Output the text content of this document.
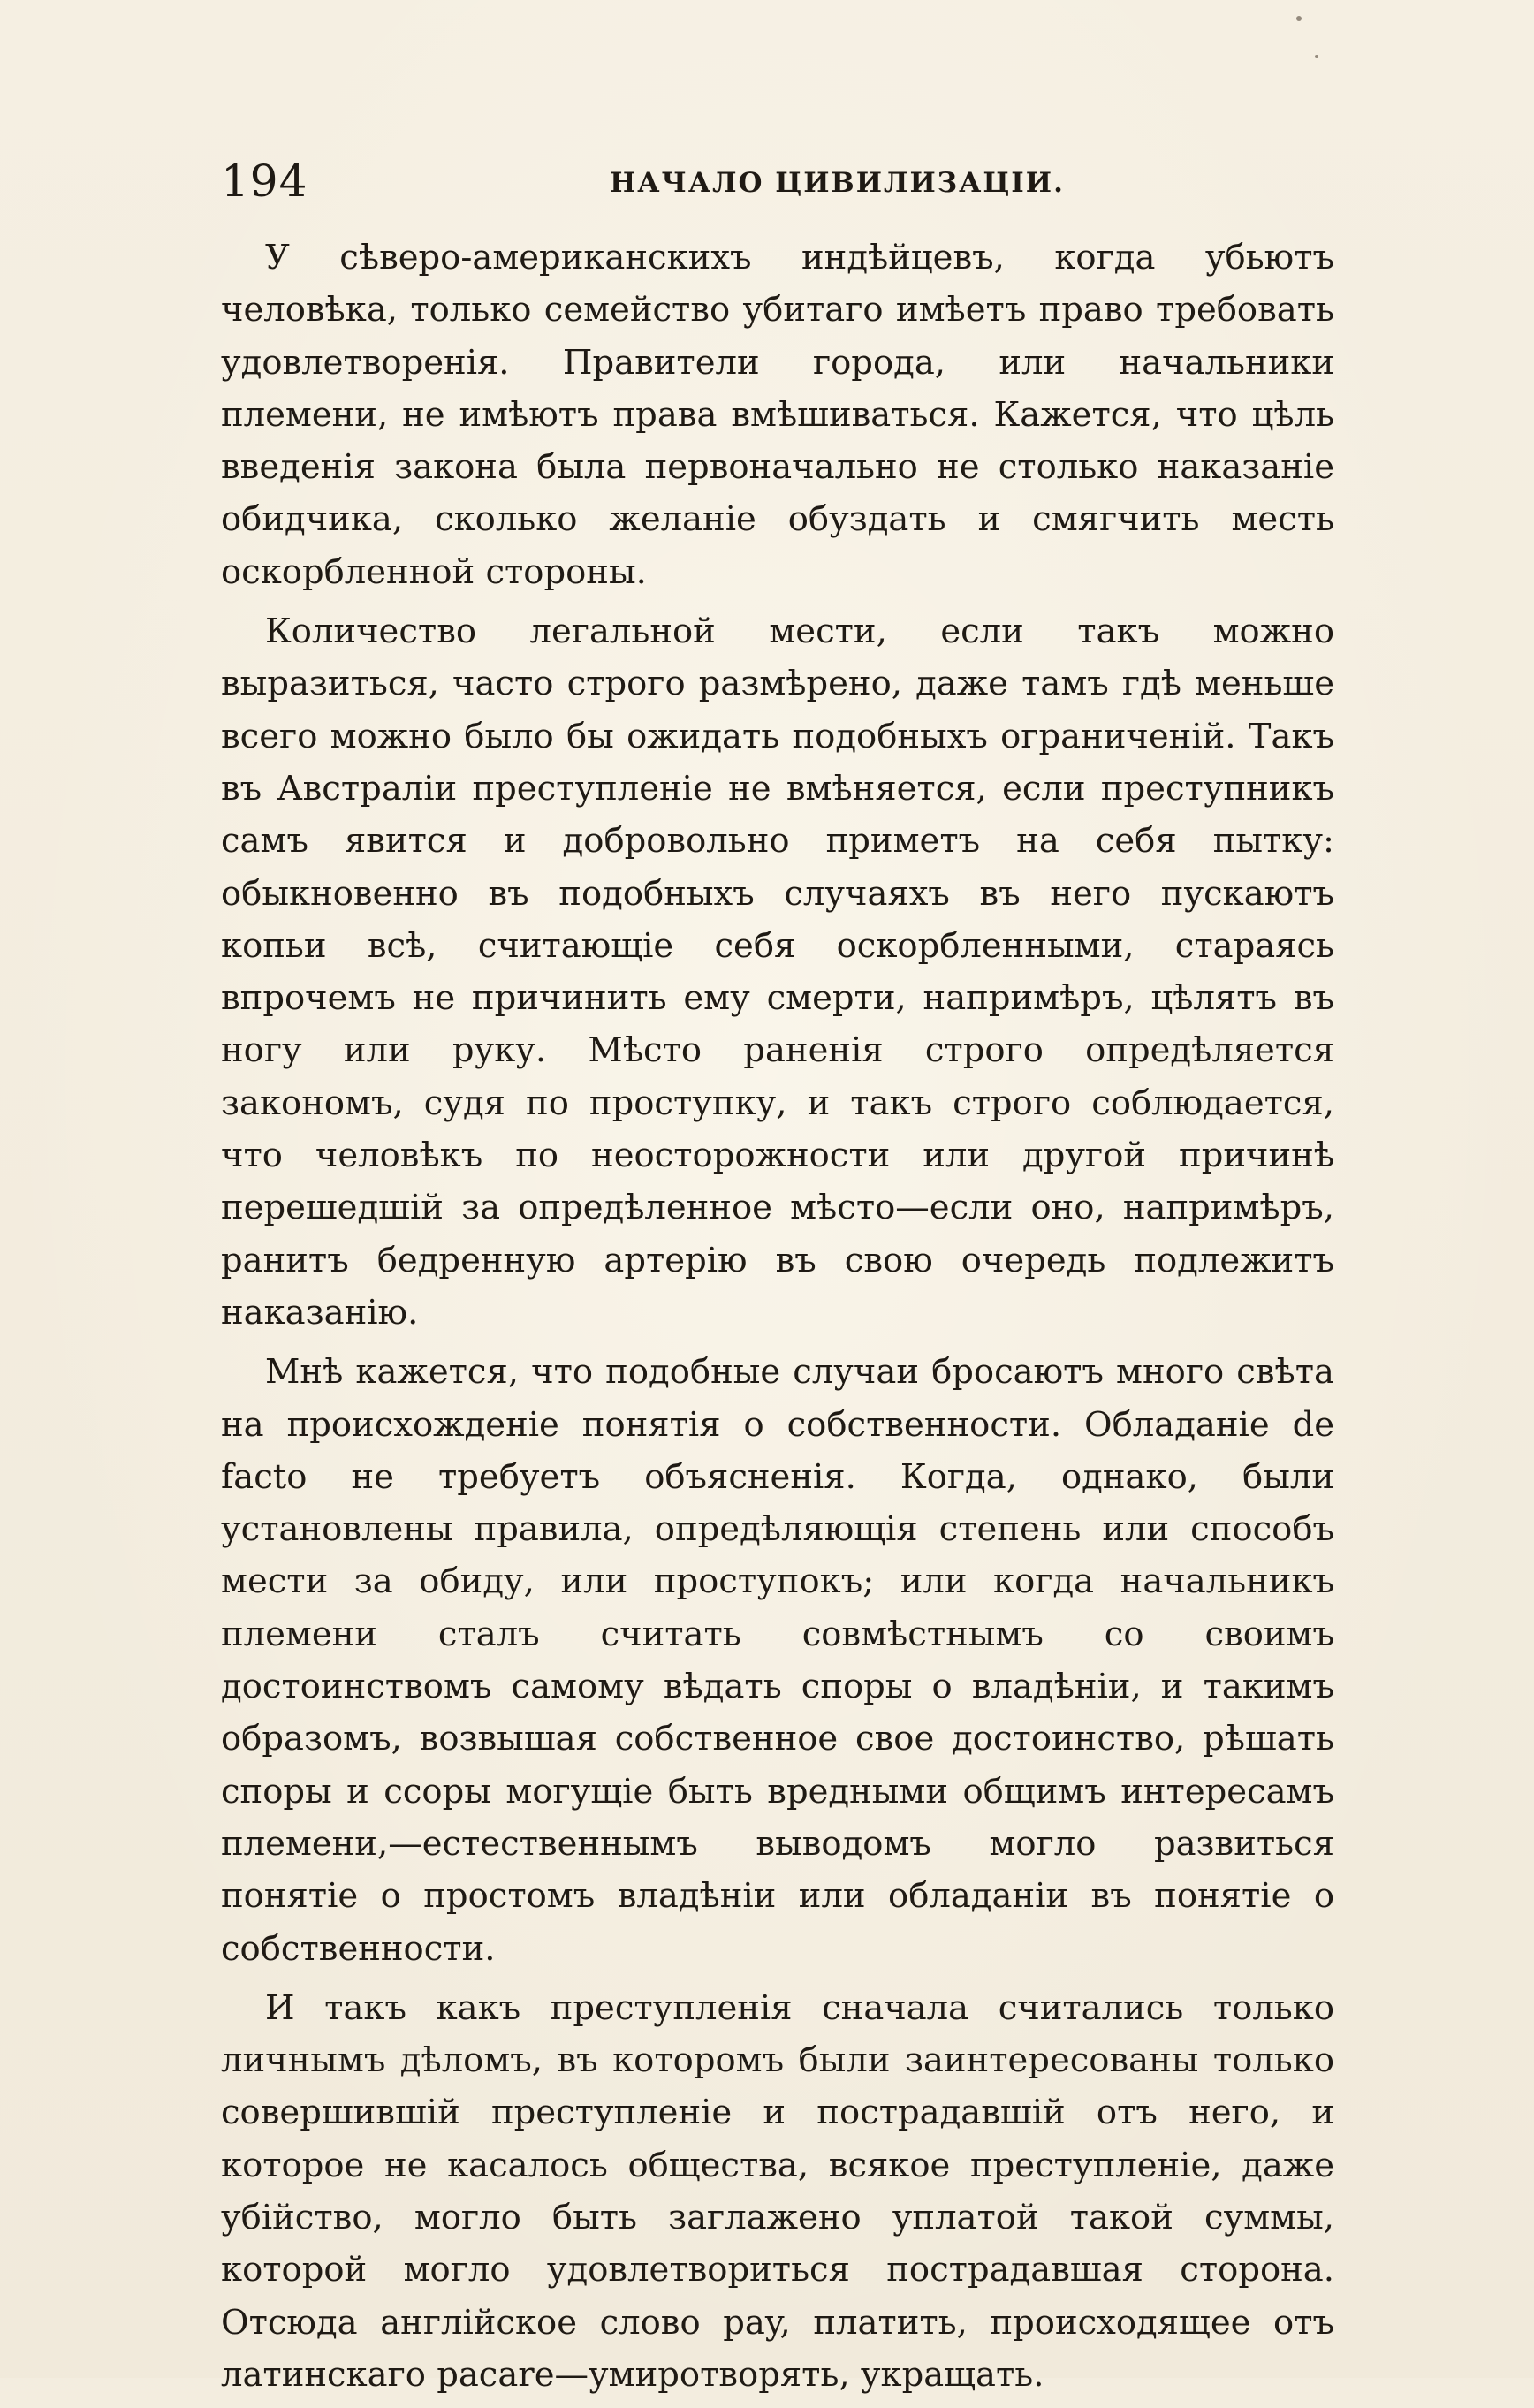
194	НАЧАЛО ЦИВИЛИЗАЦIИ.

У сѣверо-американскихъ индѣйцевъ, когда убьютъ человѣка, только семейство убитаго имѣетъ право требовать удовлетворенія. Правители города, или начальники племени, не имѣютъ права вмѣшиваться. Кажется, что цѣль введенія закона была первоначально не столько наказаніе обидчика, сколько желаніе обуздать и смягчить месть оскорбленной стороны.

Количество легальной мести, если такъ можно выразиться, часто строго размѣрено, даже тамъ гдѣ меньше всего можно было бы ожидать подобныхъ ограниченій. Такъ въ Австраліи преступленіе не вмѣняется, если преступникъ самъ явится и добровольно приметъ на себя пытку: обыкновенно въ подобныхъ случаяхъ въ него пускаютъ копьи всѣ, считающіе себя оскорбленными, стараясь впрочемъ не причинить ему смерти, напримѣръ, цѣлятъ въ ногу или руку. Мѣсто раненія строго опредѣляется закономъ, судя по проступку, и такъ строго соблюдается, что человѣкъ по неосторожности или другой причинѣ перешедшій за опредѣленное мѣсто—если оно, напримѣръ, ранитъ бедренную артерію въ свою очередь подлежитъ наказанію.

Мнѣ кажется, что подобные случаи бросаютъ много свѣта на происхожденіе понятія о собственности. Обладаніе de facto не требуетъ объясненія. Когда, однако, были установлены правила, опредѣляющія степень или способъ мести за обиду, или проступокъ; или когда начальникъ племени сталъ считать совмѣстнымъ со своимъ достоинствомъ самому вѣдать споры о владѣніи, и такимъ образомъ, возвышая собственное свое достоинство, рѣшать споры и ссоры могущіе быть вредными общимъ интересамъ племени,—естественнымъ выводомъ могло развиться понятіе о простомъ владѣніи или обладаніи въ понятіе о собственности.

И такъ какъ преступленія сначала считались только личнымъ дѣломъ, въ которомъ были заинтересованы только совершившій преступленіе и пострадавшій отъ него, и которое не касалось общества, всякое преступленіе, даже убійство, могло быть заглажено уплатой такой суммы, которой могло удовлетвориться пострадавшая сторона. Отсюда англійское слово pay, платить, происходящее отъ латинскаго pacare—умиротворять, укращать.
